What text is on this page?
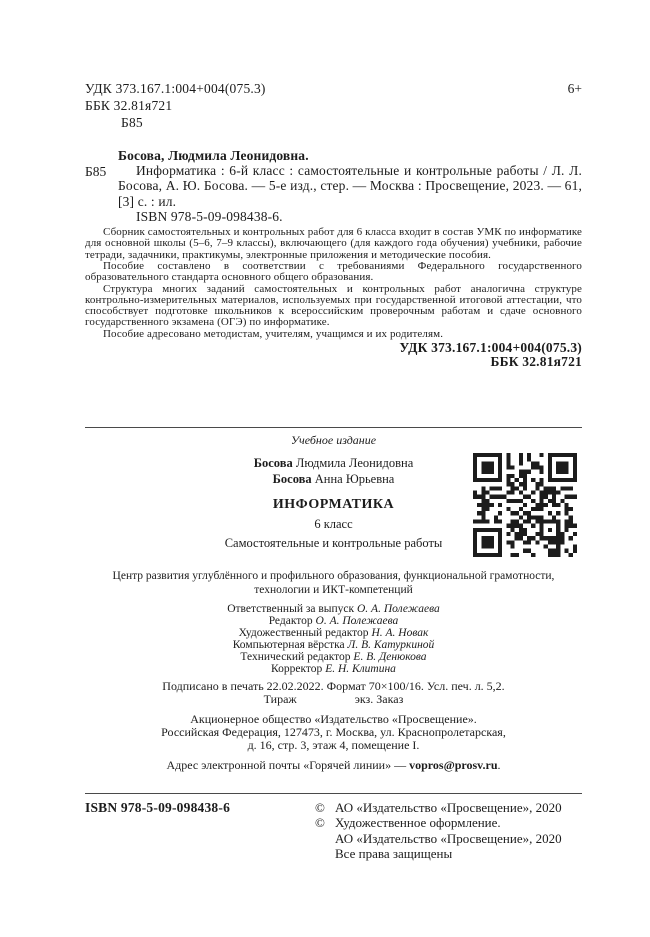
УДК 373.167.1:004+004(075.3)
ББК 32.81я721
Б85
6+
Б85

Босова, Людмила Леонидовна.

Информатика : 6-й класс : самостоятельные и контрольные работы / Л. Л. Босова, А. Ю. Босова. — 5-е изд., стер. — Москва : Просвещение, 2023. — 61, [3] с. : ил.

ISBN 978-5-09-098438-6.

Сборник самостоятельных и контрольных работ для 6 класса входит в состав УМК по информатике для основной школы (5–6, 7–9 классы), включающего (для каждого года обучения) учебники, рабочие тетради, задачники, практикумы, электронные приложения и методические пособия.

Пособие составлено в соответствии с требованиями Федерального государственного образовательного стандарта основного общего образования.

Структура многих заданий самостоятельных и контрольных работ аналогична структуре контрольно-измерительных материалов, используемых при государственной итоговой аттестации, что способствует подготовке школьников к всероссийским проверочным работам и сдаче основного государственного экзамена (ОГЭ) по информатике.

Пособие адресовано методистам, учителям, учащимся и их родителям.

УДК 373.167.1:004+004(075.3)
ББК 32.81я721

Учебное издание

Босова Людмила Леонидовна

Босова Анна Юрьевна

ИНФОРМАТИКА

6 класс

Самостоятельные и контрольные работы

Центр развития углублённого и профильного образования, функциональной грамотности, технологии и ИКТ-компетенций

Ответственный за выпуск О. А. Полежаева

Редактор О. А. Полежаева

Художественный редактор Н. А. Новак

Компьютерная вёрстка Л. В. Катуркиной

Технический редактор Е. В. Денюкова

Корректор Е. Н. Клитина

Подписано в печать 22.02.2022. Формат 70×100/16. Усл. печ. л. 5,2.

Тираж	экз. Заказ

Акционерное общество «Издательство «Просвещение».

Российская Федерация, 127473, г. Москва, ул. Краснопролетарская,

д. 16, стр. 3, этаж 4, помещение I.

Адрес электронной почты «Горячей линии» — vopros@prosv.ru.

ISBN 978-5-09-098438-6	© АО «Издательство «Просвещение», 2020
© Художественное оформление.
АО «Издательство «Просвещение», 2020
Все права защищены
